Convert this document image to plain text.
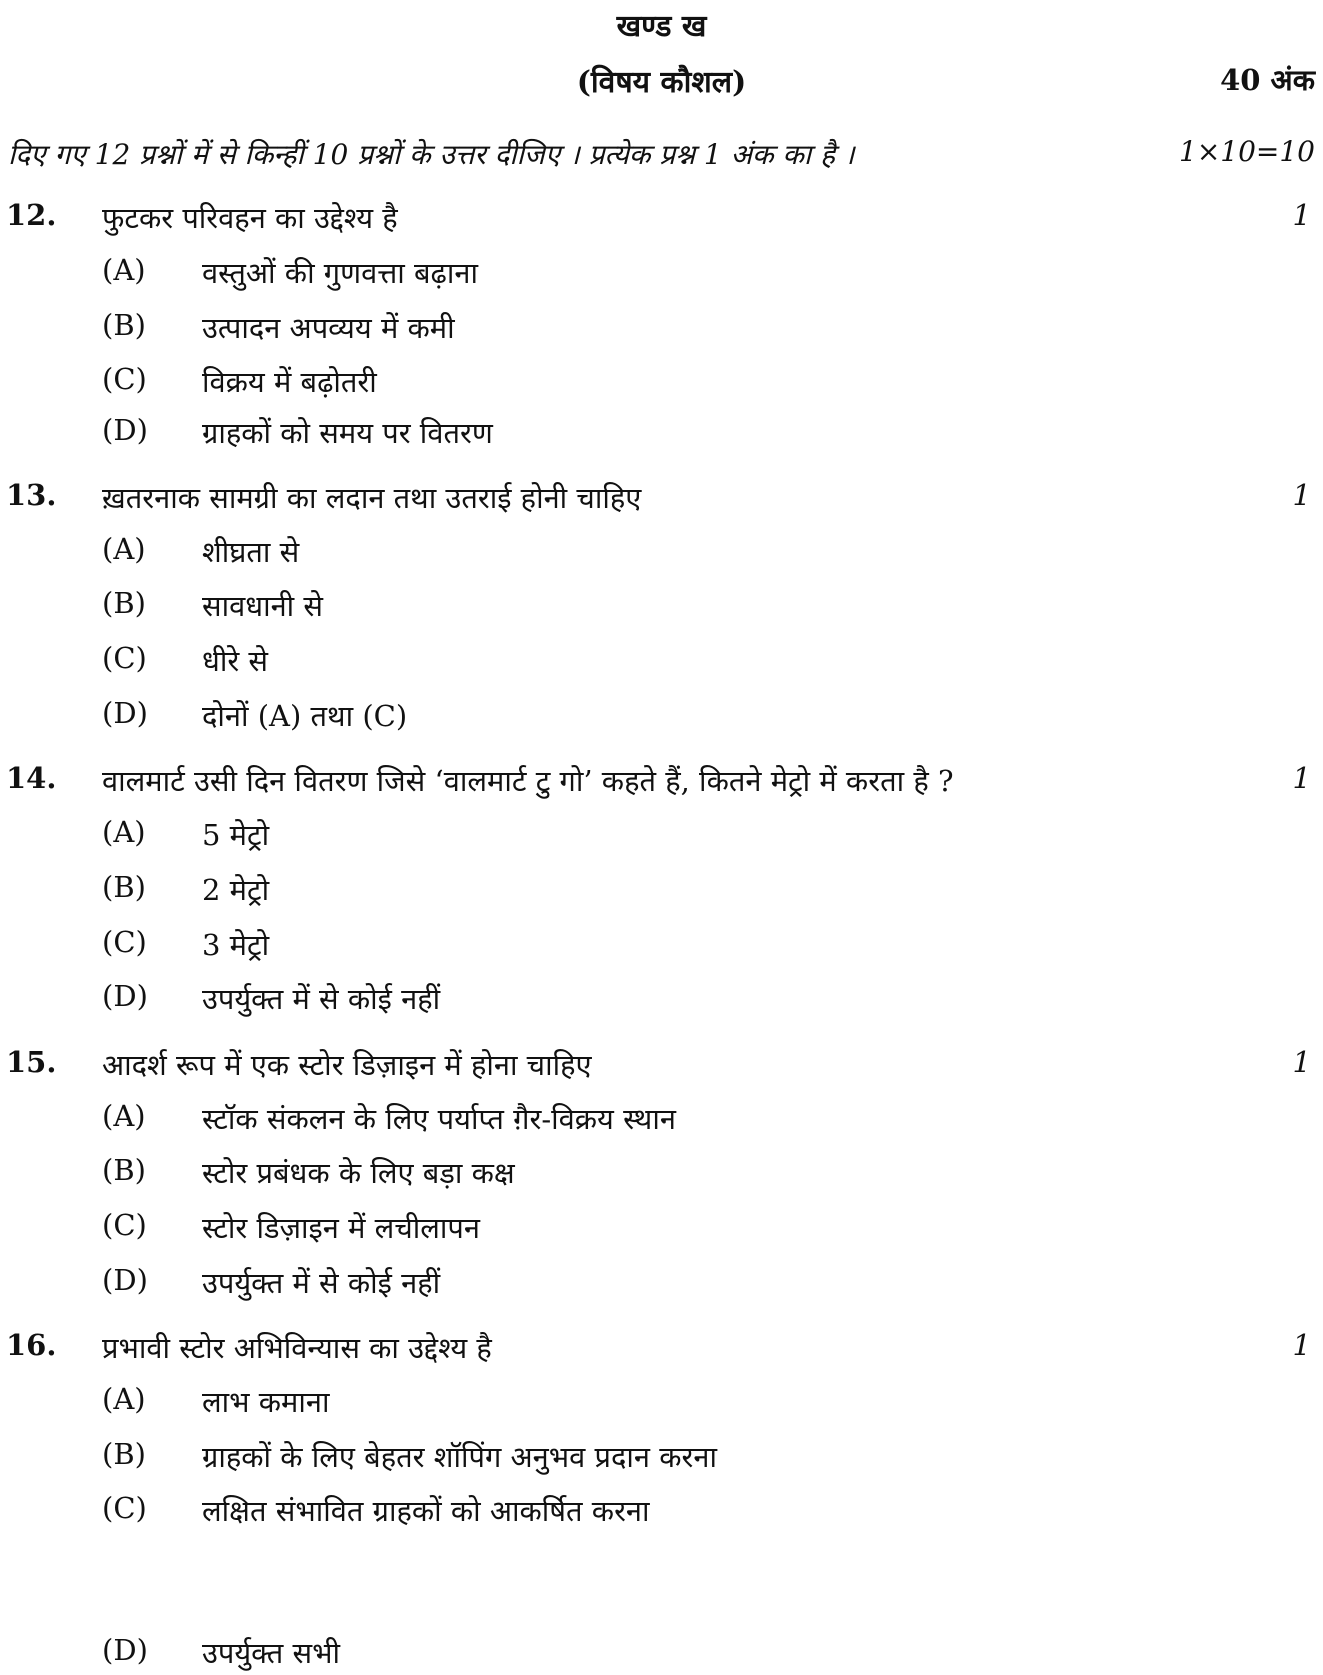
खण्ड ख
(विषय कौशल)	40 अंक
दिए गए 12 प्रश्नों में से किन्हीं 10 प्रश्नों के उत्तर दीजिए । प्रत्येक प्रश्न 1 अंक का है ।	1×10=10
12. फुटकर परिवहन का उद्देश्य है	1
(A) वस्तुओं की गुणवत्ता बढ़ाना
(B) उत्पादन अपव्यय में कमी
(C) विक्रय में बढ़ोतरी
(D) ग्राहकों को समय पर वितरण
13. ख़तरनाक सामग्री का लदान तथा उतराई होनी चाहिए	1
(A) शीघ्रता से
(B) सावधानी से
(C) धीरे से
(D) दोनों (A) तथा (C)
14. वालमार्ट उसी दिन वितरण जिसे ‘वालमार्ट टु गो’ कहते हैं, कितने मेट्रो में करता है ?	1
(A) 5 मेट्रो
(B) 2 मेट्रो
(C) 3 मेट्रो
(D) उपर्युक्त में से कोई नहीं
15. आदर्श रूप में एक स्टोर डिज़ाइन में होना चाहिए	1
(A) स्टॉक संकलन के लिए पर्याप्त ग़ैर-विक्रय स्थान
(B) स्टोर प्रबंधक के लिए बड़ा कक्ष
(C) स्टोर डिज़ाइन में लचीलापन
(D) उपर्युक्त में से कोई नहीं
16. प्रभावी स्टोर अभिविन्यास का उद्देश्य है	1
(A) लाभ कमाना
(B) ग्राहकों के लिए बेहतर शॉपिंग अनुभव प्रदान करना
(C) लक्षित संभावित ग्राहकों को आकर्षित करना
(D) उपर्युक्त सभी
